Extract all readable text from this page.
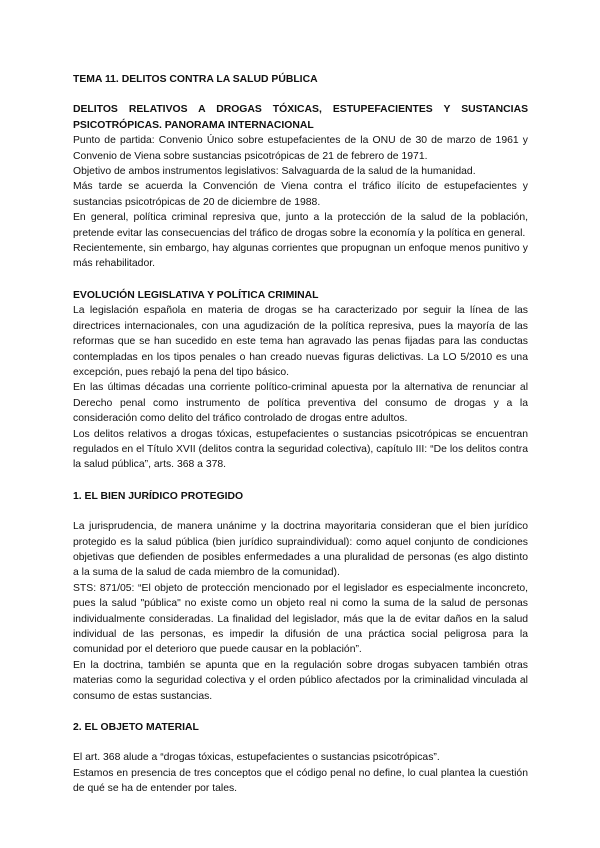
TEMA 11. DELITOS CONTRA LA SALUD PÚBLICA
DELITOS RELATIVOS A DROGAS TÓXICAS, ESTUPEFACIENTES Y SUSTANCIAS PSICOTRÓPICAS. PANORAMA INTERNACIONAL

Punto de partida: Convenio Único sobre estupefacientes de la ONU de 30 de marzo de 1961 y Convenio de Viena sobre sustancias psicotrópicas de 21 de febrero de 1971.

Objetivo de ambos instrumentos legislativos: Salvaguarda de la salud de la humanidad.

Más tarde se acuerda la Convención de Viena contra el tráfico ilícito de estupefacientes y sustancias psicotrópicas de 20 de diciembre de 1988.

En general, política criminal represiva que, junto a la protección de la salud de la población, pretende evitar las consecuencias del tráfico de drogas sobre la economía y la política en general.

Recientemente, sin embargo, hay algunas corrientes que propugnan un enfoque menos punitivo y más rehabilitador.

EVOLUCIÓN LEGISLATIVA Y POLÍTICA CRIMINAL

La legislación española en materia de drogas se ha caracterizado por seguir la línea de las directrices internacionales, con una agudización de la política represiva, pues la mayoría de las reformas que se han sucedido en este tema han agravado las penas fijadas para las conductas contempladas en los tipos penales o han creado nuevas figuras delictivas. La LO 5/2010 es una excepción, pues rebajó la pena del tipo básico.

En las últimas décadas una corriente político-criminal apuesta por la alternativa de renunciar al Derecho penal como instrumento de política preventiva del consumo de drogas y a la consideración como delito del tráfico controlado de drogas entre adultos.

Los delitos relativos a drogas tóxicas, estupefacientes o sustancias psicotrópicas se encuentran regulados en el Título XVII (delitos contra la seguridad colectiva), capítulo III: “De los delitos contra la salud pública”, arts. 368 a 378.

1. EL BIEN JURÍDICO PROTEGIDO

La jurisprudencia, de manera unánime y la doctrina mayoritaria consideran que el bien jurídico protegido es la salud pública (bien jurídico supraindividual): como aquel conjunto de condiciones objetivas que defienden de posibles enfermedades a una pluralidad de personas (es algo distinto a la suma de la salud de cada miembro de la comunidad).

STS: 871/05: “El objeto de protección mencionado por el legislador es especialmente inconcreto, pues la salud "pública" no existe como un objeto real ni como la suma de la salud de personas individualmente consideradas. La finalidad del legislador, más que la de evitar daños en la salud individual de las personas, es impedir la difusión de una práctica social peligrosa para la comunidad por el deterioro que puede causar en la población”.

En la doctrina, también se apunta que en la regulación sobre drogas subyacen también otras materias como la seguridad colectiva y el orden público afectados por la criminalidad vinculada al consumo de estas sustancias.

2. EL OBJETO MATERIAL

El art. 368 alude a “drogas tóxicas, estupefacientes o sustancias psicotrópicas”.

Estamos en presencia de tres conceptos que el código penal no define, lo cual plantea la cuestión de qué se ha de entender por tales.
